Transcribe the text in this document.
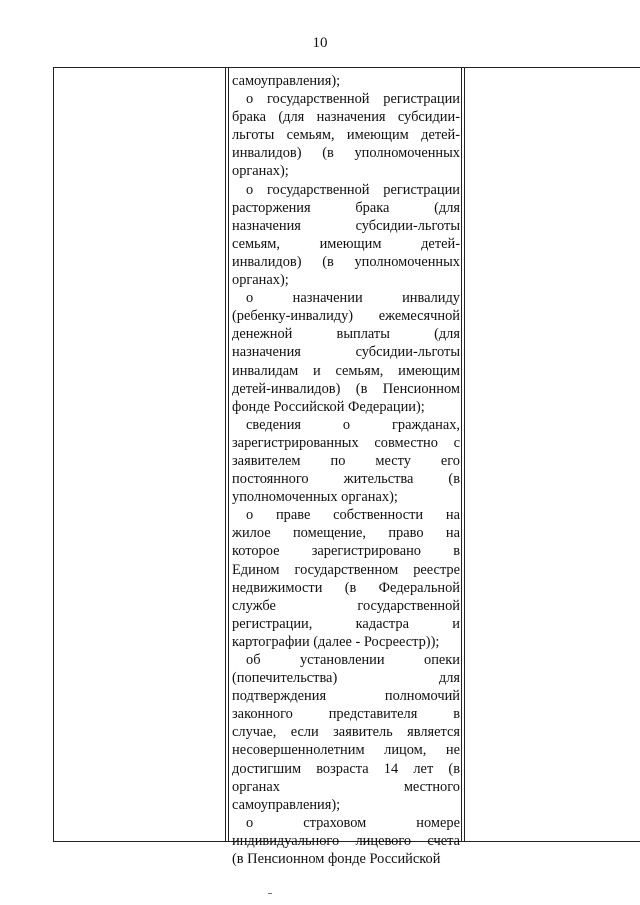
10
самоуправления);
о государственной регистрации
брака (для назначения субсидии-
льготы семьям, имеющим детей-
инвалидов) (в уполномоченных
органах);
о государственной регистрации
расторжения брака (для
назначения субсидии-льготы
семьям, имеющим детей-
инвалидов) (в уполномоченных
органах);
о назначении инвалиду
(ребенку-инвалиду) ежемесячной
денежной выплаты (для
назначения субсидии-льготы
инвалидам и семьям, имеющим
детей-инвалидов) (в Пенсионном
фонде Российской Федерации);
сведения о гражданах,
зарегистрированных совместно с
заявителем по месту его
постоянного жительства (в
уполномоченных органах);
о праве собственности на
жилое помещение, право на
которое зарегистрировано в
Едином государственном реестре
недвижимости (в Федеральной
службе государственной
регистрации, кадастра и
картографии (далее - Росреестр));
об установлении опеки
(попечительства) для
подтверждения полномочий
законного представителя в
случае, если заявитель является
несовершеннолетним лицом, не
достигшим возраста 14 лет (в
органах местного
самоуправления);
о страховом номере
индивидуального лицевого счета
(в Пенсионном фонде Российской
